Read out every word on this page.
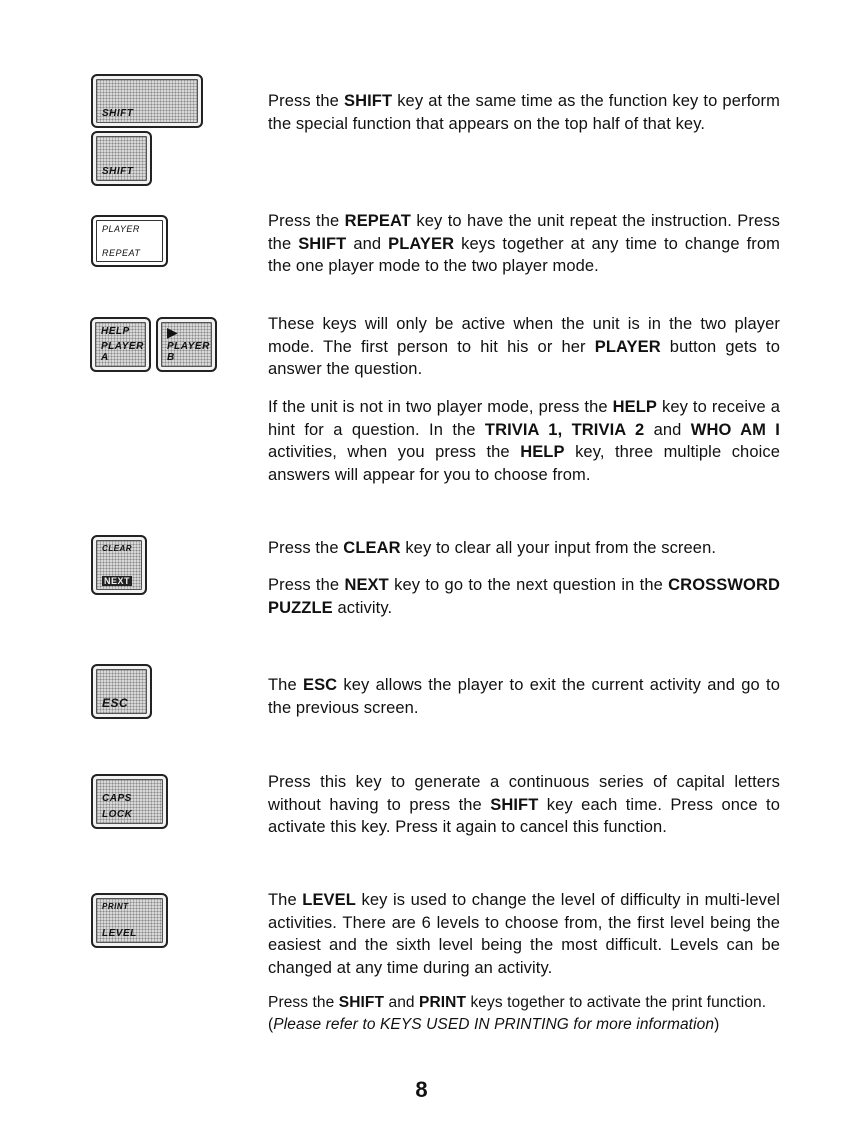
SHIFT
SHIFT
PLAYER
REPEAT
HELP
PLAYER A
▶
PLAYER B
CLEAR
NEXT
ESC
CAPS
LOCK
PRINT
LEVEL

Press the SHIFT key at the same time as the function key to perform the special function that appears on the top half of that key.

Press the REPEAT key to have the unit repeat the instruction. Press the SHIFT and PLAYER keys together at any time to change from the one player mode to the two player mode.

These keys will only be active when the unit is in the two player mode. The first person to hit his or her PLAYER button gets to answer the question.

If the unit is not in two player mode, press the HELP key to receive a hint for a question. In the TRIVIA 1, TRIVIA 2 and WHO AM I activities, when you press the HELP key, three multiple choice answers will appear for you to choose from.

Press the CLEAR key to clear all your input from the screen.

Press the NEXT key to go to the next question in the CROSSWORD PUZZLE activity.

The ESC key allows the player to exit the current activity and go to the previous screen.

Press this key to generate a continuous series of capital letters without having to press the SHIFT key each time. Press once to activate this key. Press it again to cancel this function.

The LEVEL key is used to change the level of difficulty in multi-level activities. There are 6 levels to choose from, the first level being the easiest and the sixth level being the most difficult. Levels can be changed at any time during an activity.

Press the SHIFT and PRINT keys together to activate the print function. (Please refer to KEYS USED IN PRINTING for more information)

8
